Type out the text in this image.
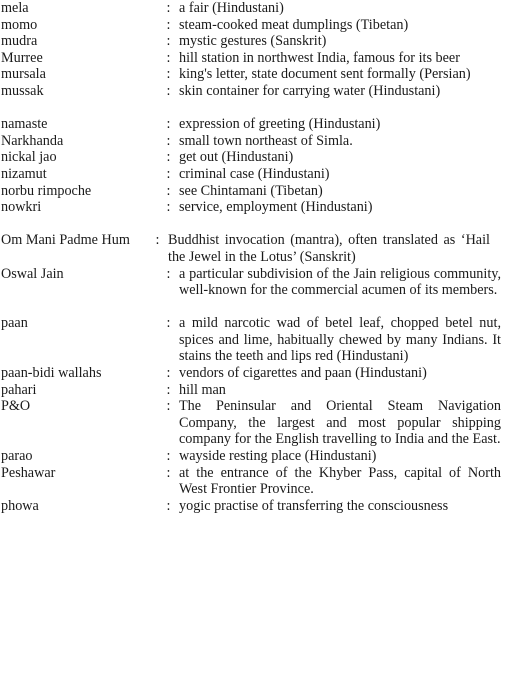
mela	: a fair (Hindustani)
momo	: steam-cooked meat dumplings (Tibetan)
mudra	: mystic gestures (Sanskrit)
Murree	: hill station in northwest India, famous for its beer
mursala	: king's letter, state document sent formally (Persian)
mussak	: skin container for carrying water (Hindustani)
namaste	: expression of greeting (Hindustani)
Narkhanda	: small town northeast of Simla.
nickal jao	: get out (Hindustani)
nizamut	: criminal case (Hindustani)
norbu rimpoche	: see Chintamani (Tibetan)
nowkri	: service, employment (Hindustani)
Om Mani Padme Hum	: Buddhist invocation (mantra), often translated as ‘Hail the Jewel in the Lotus’ (Sanskrit)
Oswal Jain	: a particular subdivision of the Jain religious community, well-known for the commercial acumen of its members.
paan	: a mild narcotic wad of betel leaf, chopped betel nut, spices and lime, habitually chewed by many Indians. It stains the teeth and lips red (Hindustani)
paan-bidi wallahs	: vendors of cigarettes and paan (Hindustani)
pahari	: hill man
P&O	: The Peninsular and Oriental Steam Navigation Company, the largest and most popular shipping company for the English travelling to India and the East.
parao	: wayside resting place (Hindustani)
Peshawar	: at the entrance of the Khyber Pass, capital of North West Frontier Province.
phowa	: yogic practise of transferring the consciousness
